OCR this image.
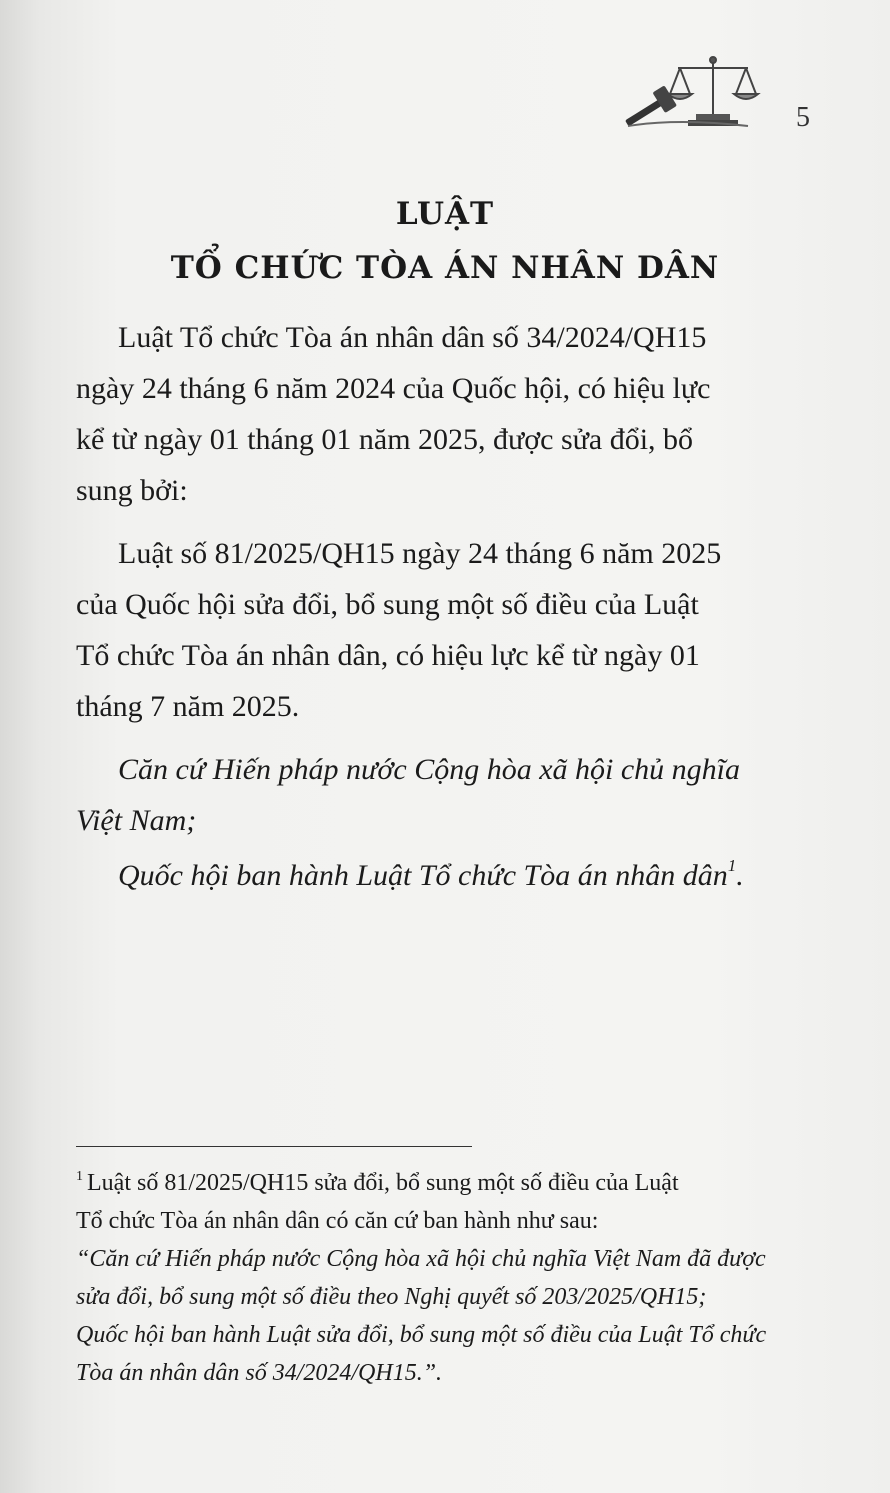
5
LUẬT
TỔ CHỨC TÒA ÁN NHÂN DÂN

Luật Tổ chức Tòa án nhân dân số 34/2024/QH15
ngày 24 tháng 6 năm 2024 của Quốc hội, có hiệu lực
kể từ ngày 01 tháng 01 năm 2025, được sửa đổi, bổ
sung bởi:

Luật số 81/2025/QH15 ngày 24 tháng 6 năm 2025
của Quốc hội sửa đổi, bổ sung một số điều của Luật
Tổ chức Tòa án nhân dân, có hiệu lực kể từ ngày 01
tháng 7 năm 2025.

Căn cứ Hiến pháp nước Cộng hòa xã hội chủ nghĩa
Việt Nam;

Quốc hội ban hành Luật Tổ chức Tòa án nhân dân$^1$.

$^1$ Luật số 81/2025/QH15 sửa đổi, bổ sung một số điều của Luật
Tổ chức Tòa án nhân dân có căn cứ ban hành như sau:
“Căn cứ Hiến pháp nước Cộng hòa xã hội chủ nghĩa Việt Nam đã được
sửa đổi, bổ sung một số điều theo Nghị quyết số 203/2025/QH15;
Quốc hội ban hành Luật sửa đổi, bổ sung một số điều của Luật Tổ chức
Tòa án nhân dân số 34/2024/QH15.”.
